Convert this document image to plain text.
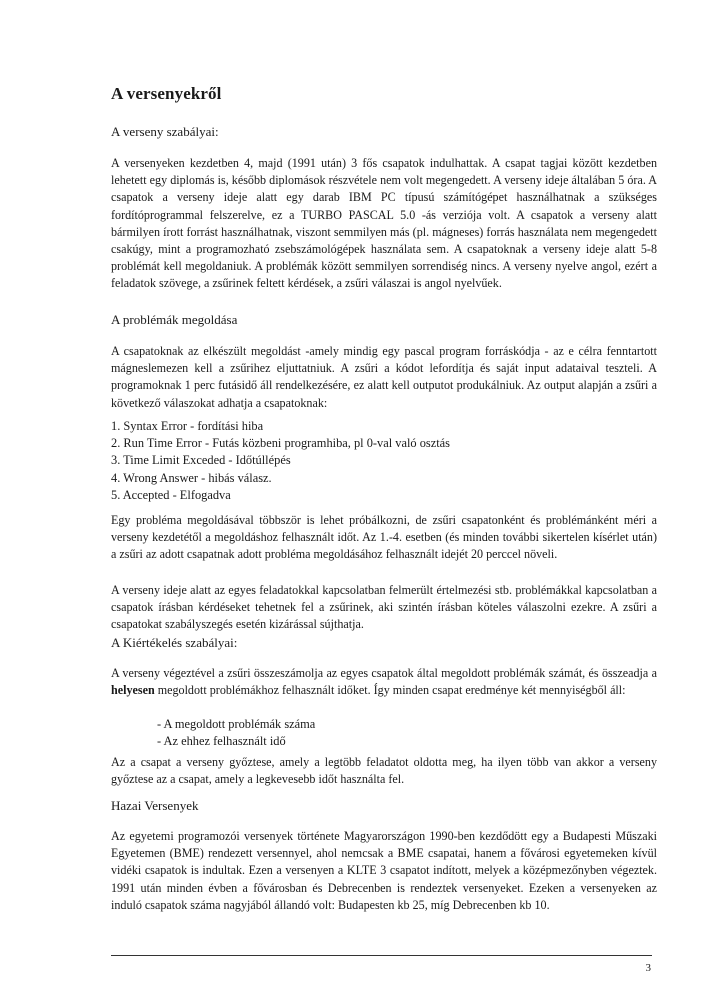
A versenyekről
A verseny szabályai:

A versenyeken kezdetben 4, majd (1991 után) 3 fős csapatok indulhattak. A csapat tagjai között kezdetben lehetett egy diplomás is, később diplomások részvétele nem volt megengedett. A verseny ideje általában 5 óra. A csapatok a verseny ideje alatt egy darab IBM PC típusú számítógépet használhatnak a szükséges fordítóprogrammal felszerelve, ez a TURBO PASCAL 5.0 -ás verziója volt. A csapatok a verseny alatt bármilyen írott forrást használhatnak, viszont semmilyen más (pl. mágneses) forrás használata nem megengedett csakúgy, mint a programozható zsebszámológépek használata sem. A csapatoknak a verseny ideje alatt 5-8 problémát kell megoldaniuk. A problémák között semmilyen sorrendiség nincs. A verseny nyelve angol, ezért a feladatok szövege, a zsűrinek feltett kérdések, a zsűri válaszai is angol nyelvűek.

A problémák megoldása

A csapatoknak az elkészült megoldást -amely mindig egy pascal program forráskódja - az e célra fenntartott mágneslemezen kell a zsűrihez eljuttatniuk. A zsűri a kódot lefordítja és saját input adataival teszteli. A programoknak 1 perc futásidő áll rendelkezésére, ez alatt kell outputot produkálniuk. Az output alapján a zsűri a következő válaszokat adhatja a csapatoknak:

1. Syntax Error - fordítási hiba
2. Run Time Error - Futás közbeni programhiba, pl 0-val való osztás
3. Time Limit Exceded - Időtúllépés
4. Wrong Answer - hibás válasz.
5. Accepted - Elfogadva

Egy probléma megoldásával többször is lehet próbálkozni, de zsűri csapatonként és problémánként méri a verseny kezdetétől a megoldáshoz felhasznált időt. Az 1.-4. esetben (és minden további sikertelen kísérlet után) a zsűri az adott csapatnak adott probléma megoldásához felhasznált idejét 20 perccel növeli.

A verseny ideje alatt az egyes feladatokkal kapcsolatban felmerült értelmezési stb. problémákkal kapcsolatban a csapatok írásban kérdéseket tehetnek fel a zsűrinek, aki szintén írásban köteles válaszolni ezekre. A zsűri a csapatokat szabályszegés esetén kizárással sújthatja.

A Kiértékelés szabályai:

A verseny végeztével a zsűri összeszámolja az egyes csapatok által megoldott problémák számát, és összeadja a helyesen megoldott problémákhoz felhasznált időket. Így minden csapat eredménye két mennyiségből áll:

- A megoldott problémák száma
- Az ehhez felhasznált idő

Az a csapat a verseny győztese, amely a legtöbb feladatot oldotta meg, ha ilyen több van akkor a verseny győztese az a csapat, amely a legkevesebb időt használta fel.

Hazai Versenyek

Az egyetemi programozói versenyek története Magyarországon 1990-ben kezdődött egy a Budapesti Műszaki Egyetemen (BME) rendezett versennyel, ahol nemcsak a BME csapatai, hanem a fővárosi egyetemeken kívül vidéki csapatok is indultak. Ezen a versenyen a KLTE 3 csapatot indított, melyek a középmezőnyben végeztek. 1991 után minden évben a fővárosban és Debrecenben is rendeztek versenyeket. Ezeken a versenyeken az induló csapatok száma nagyjából állandó volt: Budapesten kb 25, míg Debrecenben kb 10.

3
